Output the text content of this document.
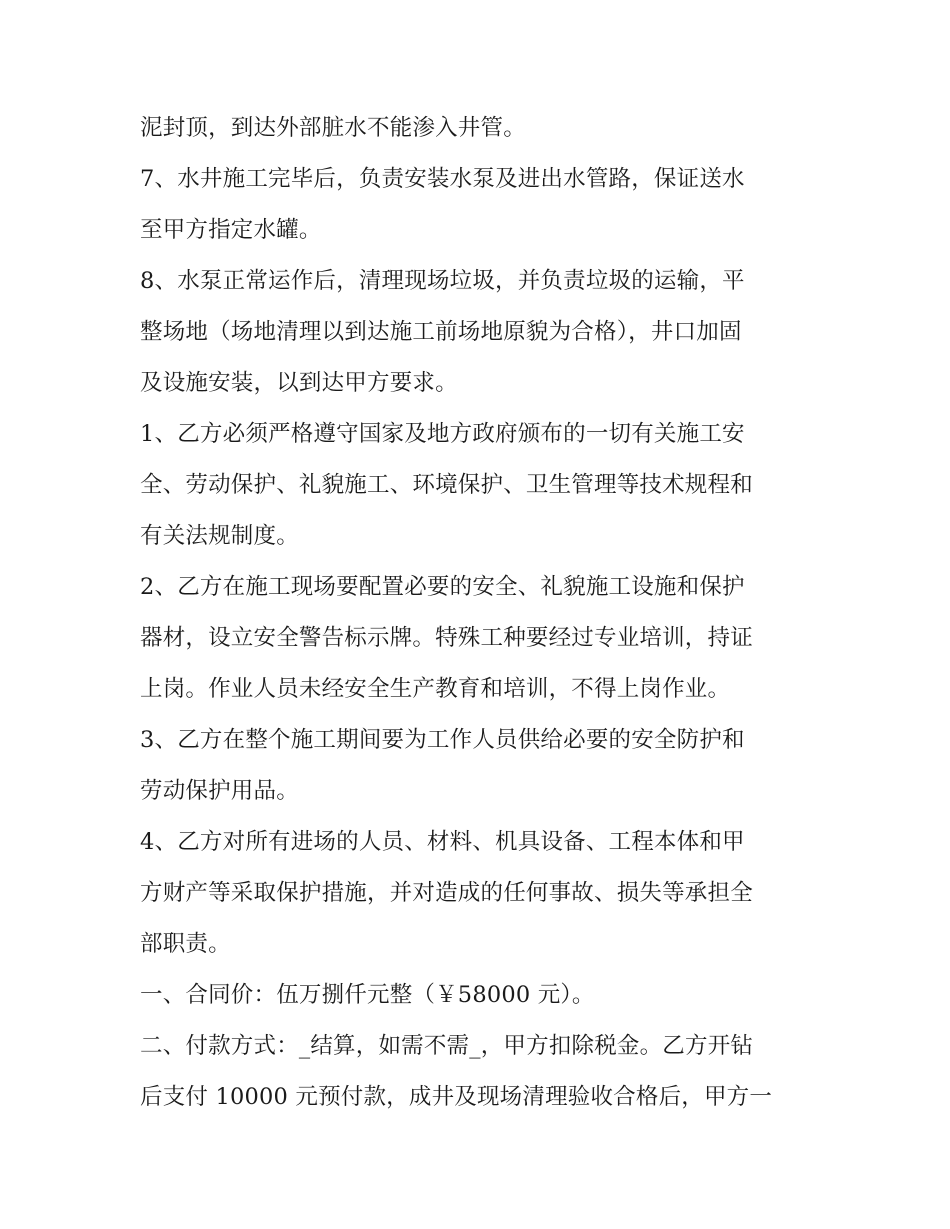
泥封顶，到达外部脏水不能渗入井管。
7、水井施工完毕后，负责安装水泵及进出水管路，保证送水
至甲方指定水罐。
8、水泵正常运作后，清理现场垃圾，并负责垃圾的运输，平
整场地（场地清理以到达施工前场地原貌为合格），井口加固
及设施安装，以到达甲方要求。
1、乙方必须严格遵守国家及地方政府颁布的一切有关施工安
全、劳动保护、礼貌施工、环境保护、卫生管理等技术规程和
有关法规制度。
2、乙方在施工现场要配置必要的安全、礼貌施工设施和保护
器材，设立安全警告标示牌。特殊工种要经过专业培训，持证
上岗。作业人员未经安全生产教育和培训，不得上岗作业。
3、乙方在整个施工期间要为工作人员供给必要的安全防护和
劳动保护用品。
4、乙方对所有进场的人员、材料、机具设备、工程本体和甲
方财产等采取保护措施，并对造成的任何事故、损失等承担全
部职责。
一、合同价：伍万捌仟元整（￥58000 元）。
二、付款方式：_结算，如需不需_，甲方扣除税金。乙方开钻
后支付 10000 元预付款，成井及现场清理验收合格后，甲方一
